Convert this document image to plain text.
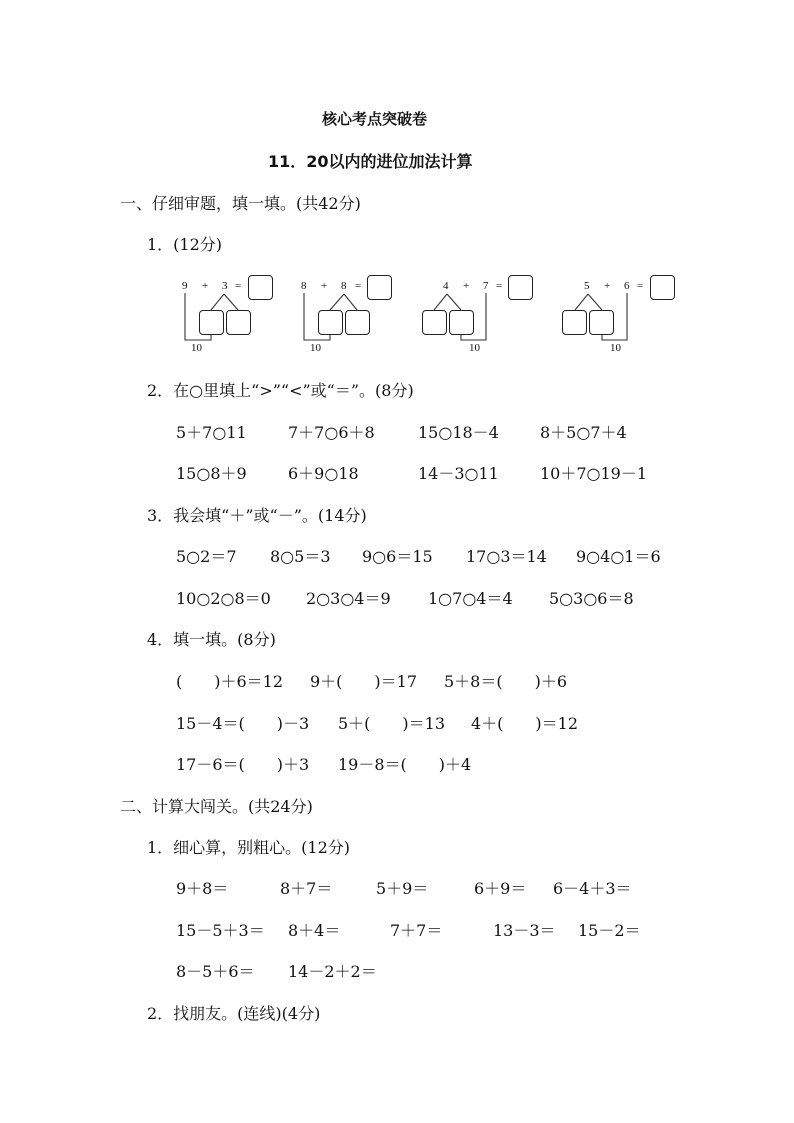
核心考点突破卷
11．20以内的进位加法计算
一、仔细审题，填一填。(共42分)
1．(12分)
9 + 3 =
10
8 + 8 =
10
4 + 7 =
10
5 + 6 =
10
2．在○里填上“>”“<”或“＝”。(8分)
5＋7○11	7＋7○6＋8	15○18－4	8＋5○7＋4
15○8＋9	6＋9○18	14－3○11	10＋7○19－1
3．我会填“＋”或“－”。(14分)
5○2＝7 8○5＝3 9○6＝15 17○3＝14 9○4○1＝6
10○2○8＝0 2○3○4＝9 1○7○4＝4 5○3○6＝8
4．填一填。(8分)
(　　)＋6＝12 9＋(　　)＝17 5＋8＝(　　)＋6
15－4＝(　　)－3 5＋(　　)＝13 4＋(　　)＝12
17－6＝(　　)＋3 19－8＝(　　)＋4
二、计算大闯关。(共24分)
1．细心算，别粗心。(12分)
9＋8＝	8＋7＝	5＋9＝	6＋9＝ 6－4＋3＝
15－5＋3＝ 8＋4＝	7＋7＝	13－3＝ 15－2＝
8－5＋6＝ 14－2＋2＝
2．找朋友。(连线)(4分)
